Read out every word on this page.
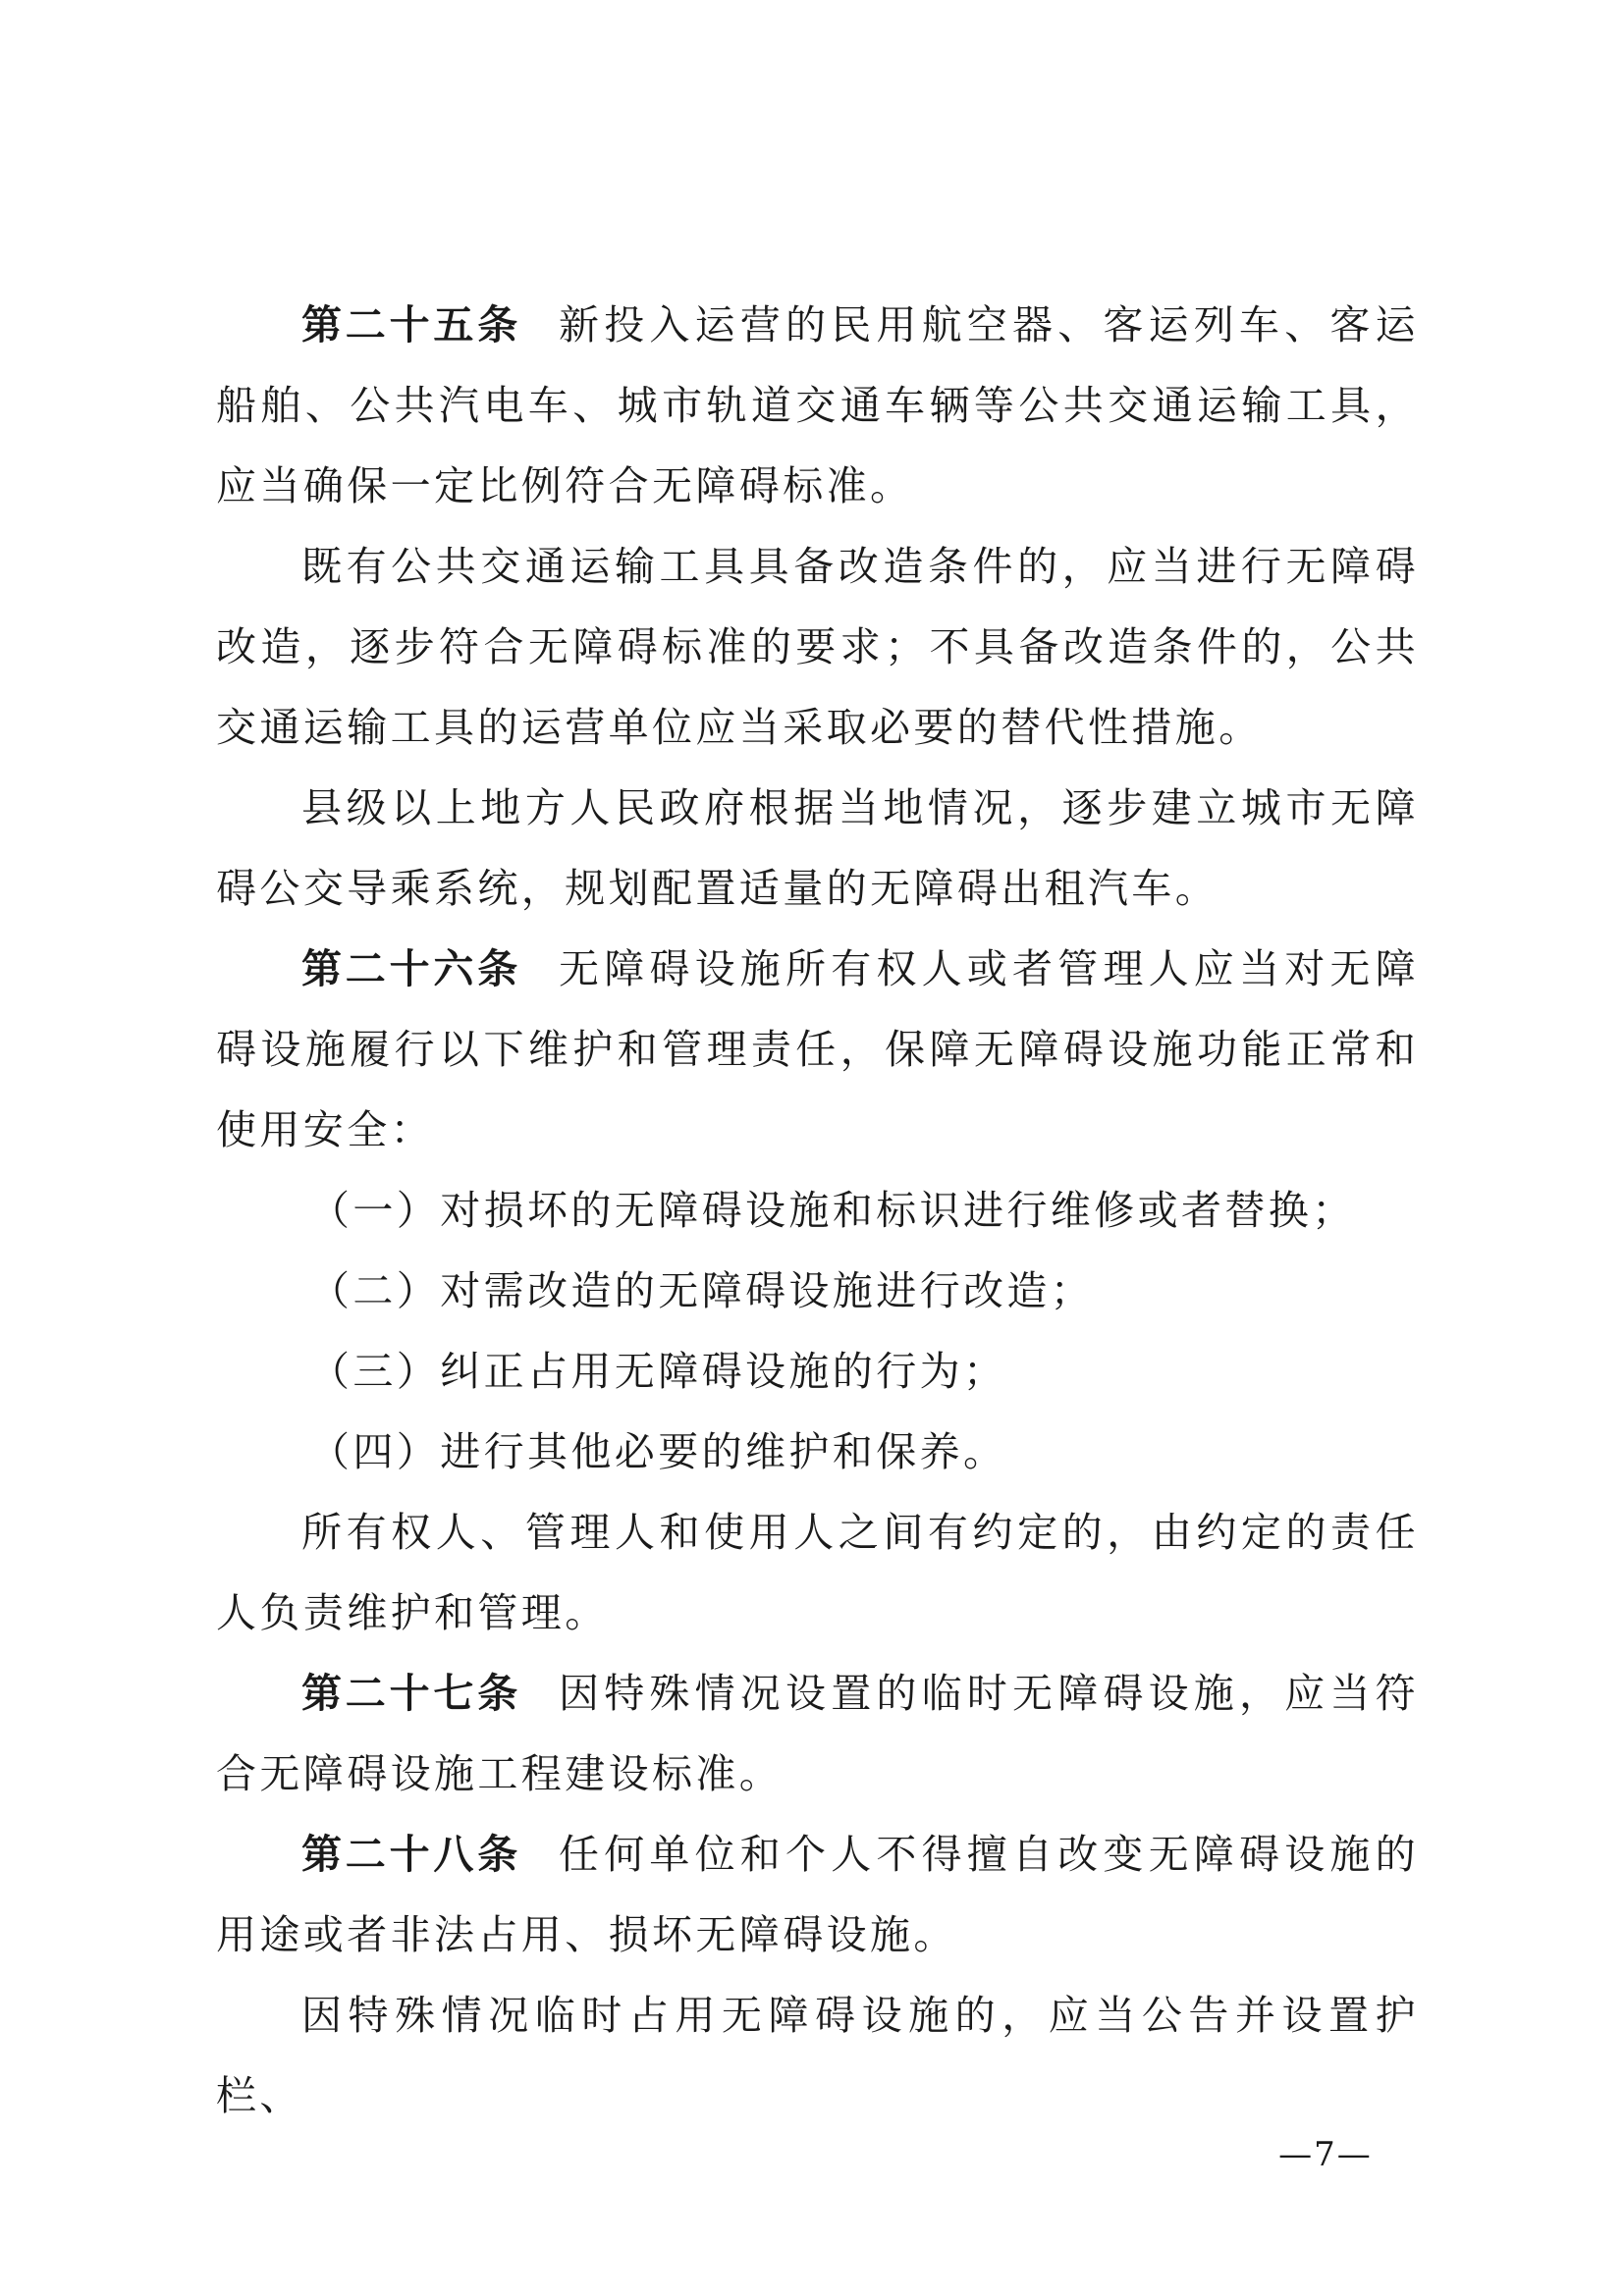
第二十五条 新投入运营的民用航空器、客运列车、客运船舶、公共汽电车、城市轨道交通车辆等公共交通运输工具，应当确保一定比例符合无障碍标准。

既有公共交通运输工具具备改造条件的，应当进行无障碍改造，逐步符合无障碍标准的要求；不具备改造条件的，公共交通运输工具的运营单位应当采取必要的替代性措施。

县级以上地方人民政府根据当地情况，逐步建立城市无障碍公交导乘系统，规划配置适量的无障碍出租汽车。

第二十六条 无障碍设施所有权人或者管理人应当对无障碍设施履行以下维护和管理责任，保障无障碍设施功能正常和使用安全：

（一）对损坏的无障碍设施和标识进行维修或者替换；

（二）对需改造的无障碍设施进行改造；

（三）纠正占用无障碍设施的行为；

（四）进行其他必要的维护和保养。

所有权人、管理人和使用人之间有约定的，由约定的责任人负责维护和管理。

第二十七条 因特殊情况设置的临时无障碍设施，应当符合无障碍设施工程建设标准。

第二十八条 任何单位和个人不得擅自改变无障碍设施的用途或者非法占用、损坏无障碍设施。

因特殊情况临时占用无障碍设施的，应当公告并设置护栏、

—7—
